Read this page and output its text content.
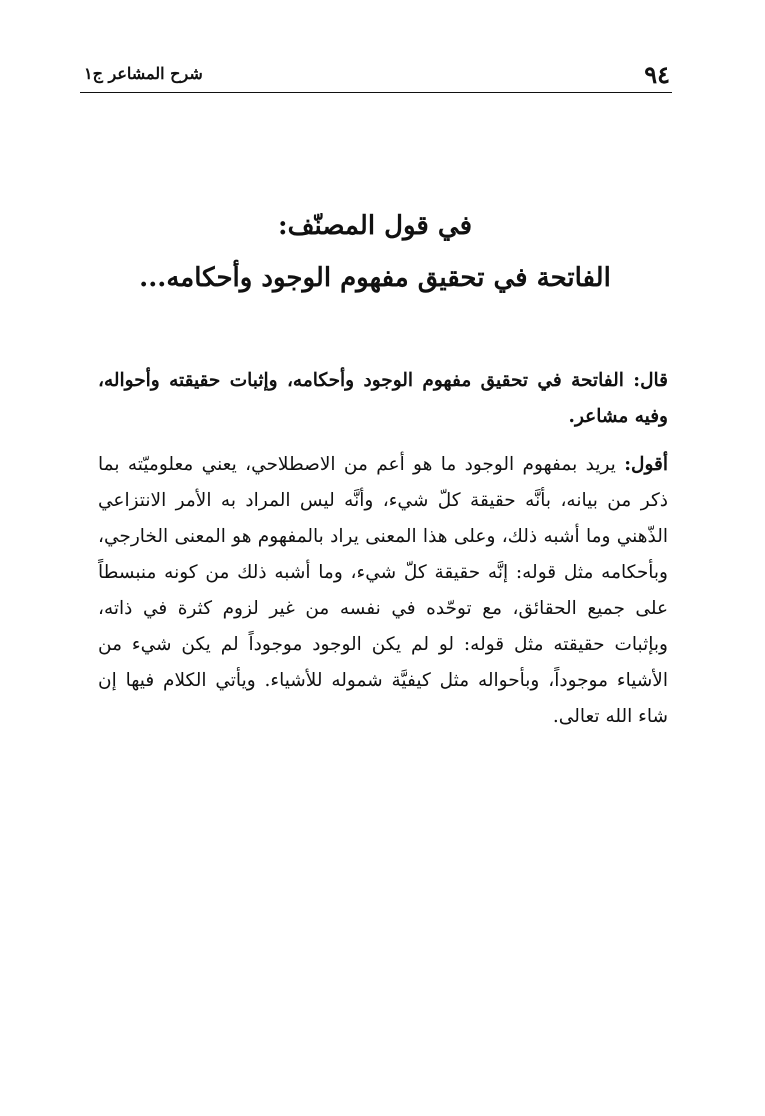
٩٤
شرح المشاعر ج١
في قول المصنّف:
الفاتحة في تحقيق مفهوم الوجود وأحكامه...

قال: الفاتحة في تحقيق مفهوم الوجود وأحكامه، وإثبات حقيقته وأحواله، وفيه مشاعر.

أقول: يريد بمفهوم الوجود ما هو أعم من الاصطلاحي، يعني معلوميّته بما ذكر من بيانه، بأنَّه حقيقة كلّ شيء، وأنَّه ليس المراد به الأمر الانتزاعي الذّهني وما أشبه ذلك، وعلى هذا المعنى يراد بالمفهوم هو المعنى الخارجي، وبأحكامه مثل قوله: إنَّه حقيقة كلّ شيء، وما أشبه ذلك من كونه منبسطاً على جميع الحقائق، مع توحّده في نفسه من غير لزوم كثرة في ذاته، وبإثبات حقيقته مثل قوله: لو لم يكن الوجود موجوداً لم يكن شيء من الأشياء موجوداً، وبأحواله مثل كيفيَّة شموله للأشياء. ويأتي الكلام فيها إن شاء الله تعالى.
